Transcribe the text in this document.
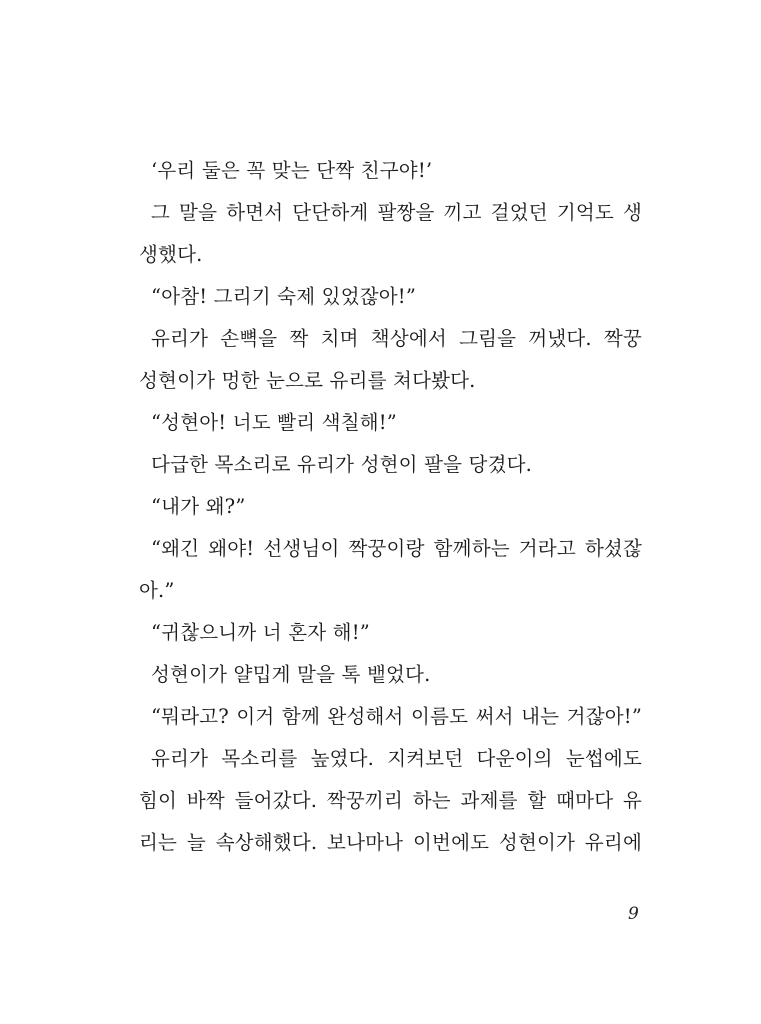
‘우리 둘은 꼭 맞는 단짝 친구야!’
그 말을 하면서 단단하게 팔짱을 끼고 걸었던 기억도 생
생했다.
“아참! 그리기 숙제 있었잖아!”
유리가 손뼉을 짝 치며 책상에서 그림을 꺼냈다. 짝꿍
성현이가 멍한 눈으로 유리를 쳐다봤다.
“성현아! 너도 빨리 색칠해!”
다급한 목소리로 유리가 성현이 팔을 당겼다.
“내가 왜?”
“왜긴 왜야! 선생님이 짝꿍이랑 함께하는 거라고 하셨잖
아.”
“귀찮으니까 너 혼자 해!”
성현이가 얄밉게 말을 톡 뱉었다.
“뭐라고? 이거 함께 완성해서 이름도 써서 내는 거잖아!”
유리가 목소리를 높였다. 지켜보던 다운이의 눈썹에도
힘이 바짝 들어갔다. 짝꿍끼리 하는 과제를 할 때마다 유
리는 늘 속상해했다. 보나마나 이번에도 성현이가 유리에
9
